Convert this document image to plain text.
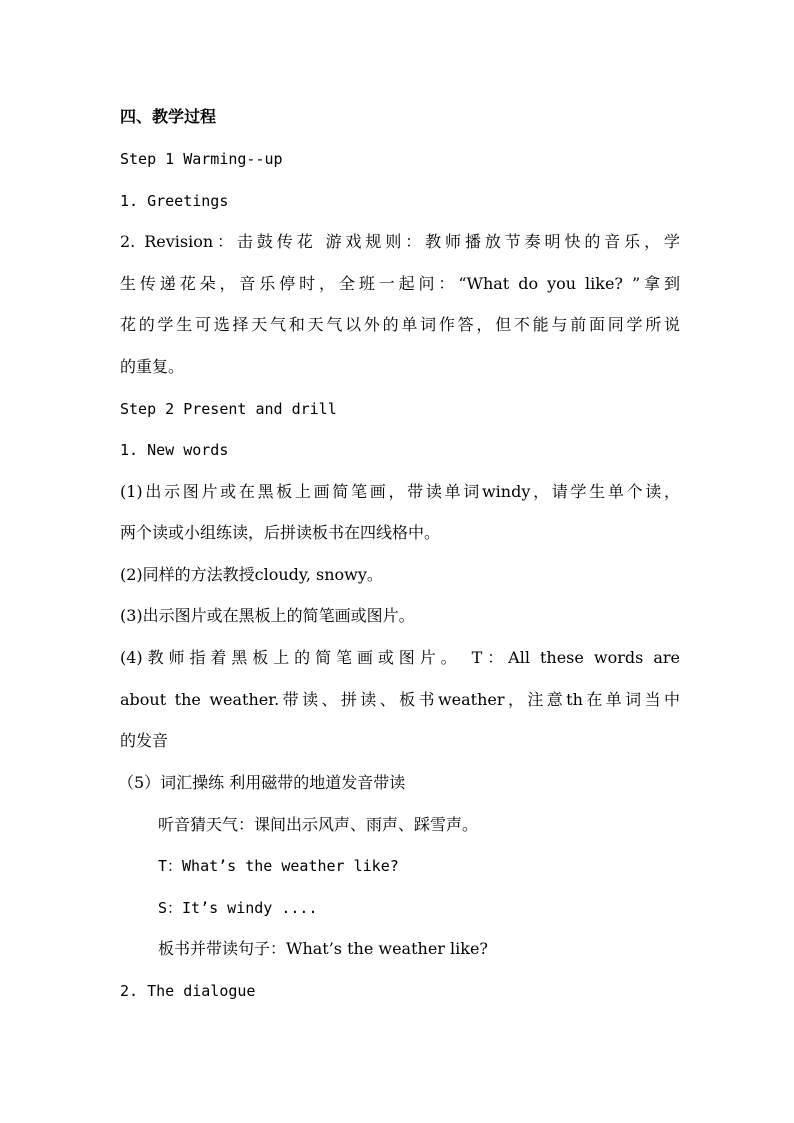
四、教学过程

Step 1 Warming--up

1. Greetings

2. Revision：击鼓传花 游戏规则：教师播放节奏明快的音乐，学

生传递花朵，音乐停时，全班一起问：“What do you like? ”拿到

花的学生可选择天气和天气以外的单词作答，但不能与前面同学所说

的重复。

Step 2 Present and drill

1. New words

(1)出示图片或在黑板上画简笔画，带读单词windy，请学生单个读，

两个读或小组练读，后拼读板书在四线格中。

(2)同样的方法教授cloudy, snowy。

(3)出示图片或在黑板上的简笔画或图片。

(4)教师指着黑板上的简笔画或图片。 T：All these words are

about the weather.带读、拼读、板书weather，注意th在单词当中

的发音

（5）词汇操练 利用磁带的地道发音带读

听音猜天气：课间出示风声、雨声、踩雪声。

T：What’s the weather like?

S：It’s windy ....

板书并带读句子：What’s the weather like?

2. The dialogue
